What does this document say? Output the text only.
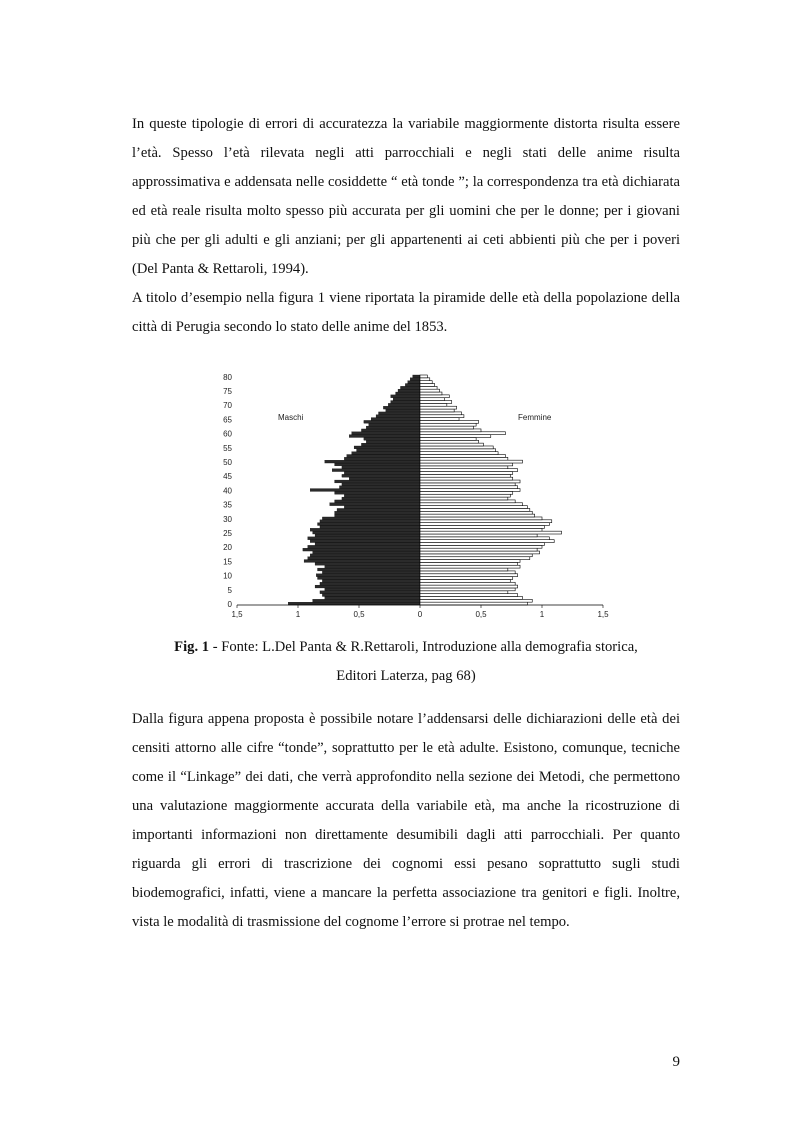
In queste tipologie di errori di accuratezza la variabile maggiormente distorta risulta essere l’età. Spesso l’età rilevata negli atti parrocchiali e negli stati delle anime risulta approssimativa e addensata nelle cosiddette “ età tonde ”; la correspondenza tra età dichiarata ed età reale risulta molto spesso più accurata per gli uomini che per le donne; per i giovani più che per gli adulti e gli anziani; per gli appartenenti ai ceti abbienti più che per i poveri (Del Panta & Rettaroli, 1994).
A titolo d’esempio nella figura 1 viene riportata la piramide delle età della popolazione della città di Perugia secondo lo stato delle anime del 1853.

1,5	1	0,5	0	0,5	1	1,5
0
5
10
15
20
25
30
35
40
45
50
55
60
65
70
75
80
Maschi	Femmine

Fig. 1 - Fonte: L.Del Panta & R.Rettaroli, Introduzione alla demografia storica,
Editori Laterza, pag 68)

Dalla figura appena proposta è possibile notare l’addensarsi delle dichiarazioni delle età dei censiti attorno alle cifre “tonde”, soprattutto per le età adulte. Esistono, comunque, tecniche come il “Linkage” dei dati, che verrà approfondito nella sezione dei Metodi, che permettono una valutazione maggiormente accurata della variabile età, ma anche la ricostruzione di importanti informazioni non direttamente desumibili dagli atti parrocchiali. Per quanto riguarda gli errori di trascrizione dei cognomi essi pesano soprattutto sugli studi biodemografici, infatti, viene a mancare la perfetta associazione tra genitori e figli. Inoltre, vista le modalità di trasmissione del cognome l’errore si protrae nel tempo.

9
